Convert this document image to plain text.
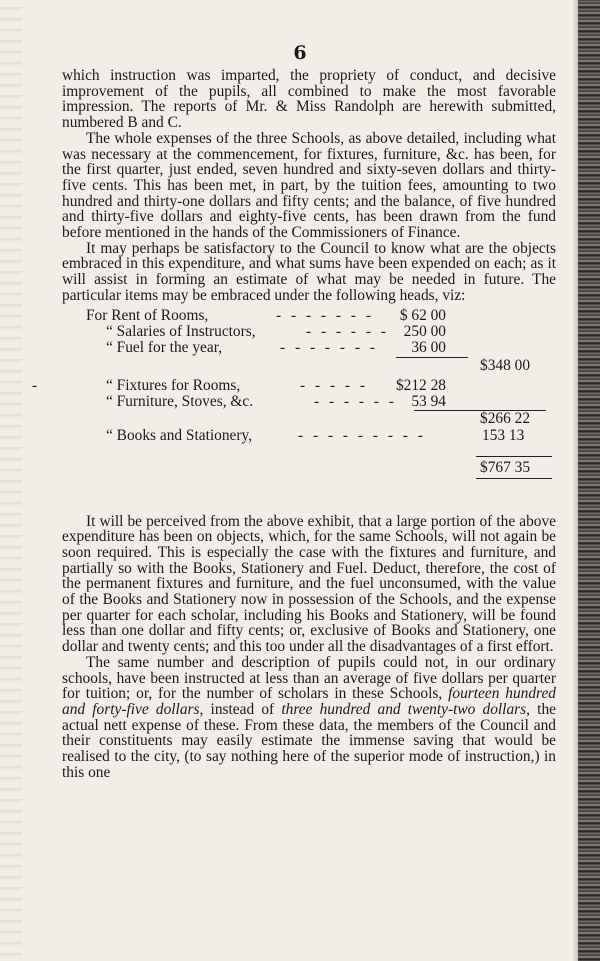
6

which instruction was imparted, the propriety of conduct, and decisive improvement of the pupils, all combined to make the most favorable impression. The reports of Mr. & Miss Randolph are herewith submitted, numbered B and C.

The whole expenses of the three Schools, as above detailed, including what was necessary at the commencement, for fixtures, furniture, &c. has been, for the first quarter, just ended, seven hundred and sixty-seven dollars and thirty-five cents. This has been met, in part, by the tuition fees, amounting to two hundred and thirty-one dollars and fifty cents; and the balance, of five hundred and thirty-five dollars and eighty-five cents, has been drawn from the fund before mentioned in the hands of the Commissioners of Finance.

It may perhaps be satisfactory to the Council to know what are the objects embraced in this expenditure, and what sums have been expended on each; as it will assist in forming an estimate of what may be needed in future. The particular items may be embraced under the following heads, viz:

For Rent of Rooms,	- - - - - - -	$ 62 00
“ Salaries of Instructors,	- - - - - - 250 00
“ Fuel for the year,	- - - - - - -	36 00
$348 00
-	“ Fixtures for Rooms,	- - - - -	$212 28
“ Furniture, Stoves, &c.	- - - - - - 53 94
$266 22
“ Books and Stationery,	- - - - - - - - -	153 13
$767 35

It will be perceived from the above exhibit, that a large portion of the above expenditure has been on objects, which, for the same Schools, will not again be soon required. This is especially the case with the fixtures and furniture, and partially so with the Books, Stationery and Fuel. Deduct, therefore, the cost of the permanent fixtures and furniture, and the fuel unconsumed, with the value of the Books and Stationery now in possession of the Schools, and the expense per quarter for each scholar, including his Books and Stationery, will be found less than one dollar and fifty cents; or, exclusive of Books and Stationery, one dollar and twenty cents; and this too under all the disadvantages of a first effort.

The same number and description of pupils could not, in our ordinary schools, have been instructed at less than an average of five dollars per quarter for tuition; or, for the number of scholars in these Schools, fourteen hundred and forty-five dollars, instead of three hundred and twenty-two dollars, the actual nett expense of these. From these data, the members of the Council and their constituents may easily estimate the immense saving that would be realised to the city, (to say nothing here of the superior mode of instruction,) in this one
